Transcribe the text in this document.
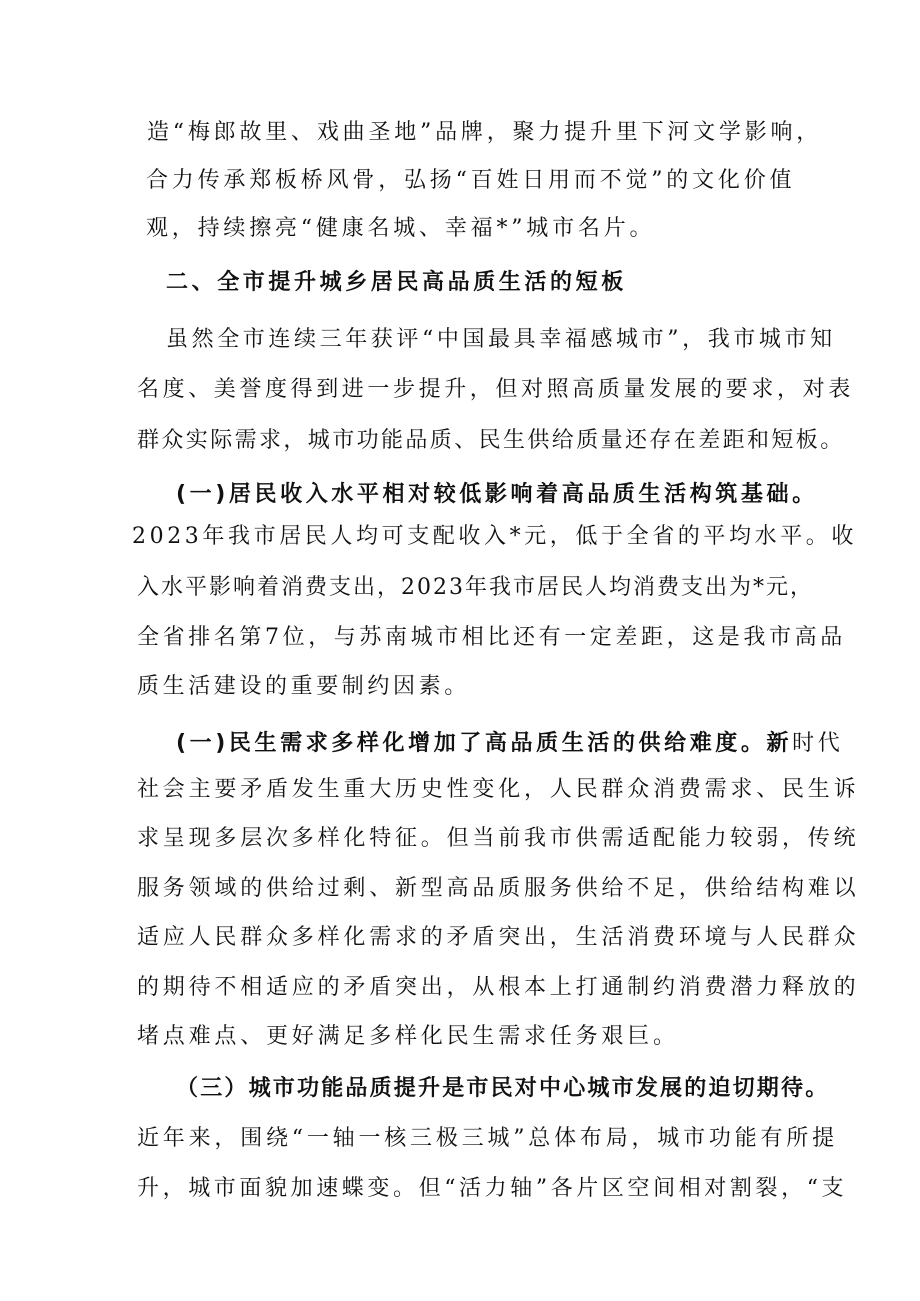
造“梅郎故里、戏曲圣地”品牌，聚力提升里下河文学影响，
合力传承郑板桥风骨，弘扬“百姓日用而不觉”的文化价值
观，持续擦亮“健康名城、幸福*”城市名片。
二、全市提升城乡居民高品质生活的短板
虽然全市连续三年获评“中国最具幸福感城市”，我市城市知
名度、美誉度得到进一步提升，但对照高质量发展的要求，对表
群众实际需求，城市功能品质、民生供给质量还存在差距和短板。
(一)居民收入水平相对较低影响着高品质生活构筑基础。
2023年我市居民人均可支配收入*元，低于全省的平均水平。收
入水平影响着消费支出，2023年我市居民人均消费支出为*元，
全省排名第7位，与苏南城市相比还有一定差距，这是我市高品
质生活建设的重要制约因素。
(一)民生需求多样化增加了高品质生活的供给难度。新时代
社会主要矛盾发生重大历史性变化，人民群众消费需求、民生诉
求呈现多层次多样化特征。但当前我市供需适配能力较弱，传统
服务领域的供给过剩、新型高品质服务供给不足，供给结构难以
适应人民群众多样化需求的矛盾突出，生活消费环境与人民群众
的期待不相适应的矛盾突出，从根本上打通制约消费潜力释放的
堵点难点、更好满足多样化民生需求任务艰巨。
（三）城市功能品质提升是市民对中心城市发展的迫切期待。
近年来，围绕“一轴一核三极三城”总体布局，城市功能有所提
升，城市面貌加速蝶变。但“活力轴”各片区空间相对割裂，“支
